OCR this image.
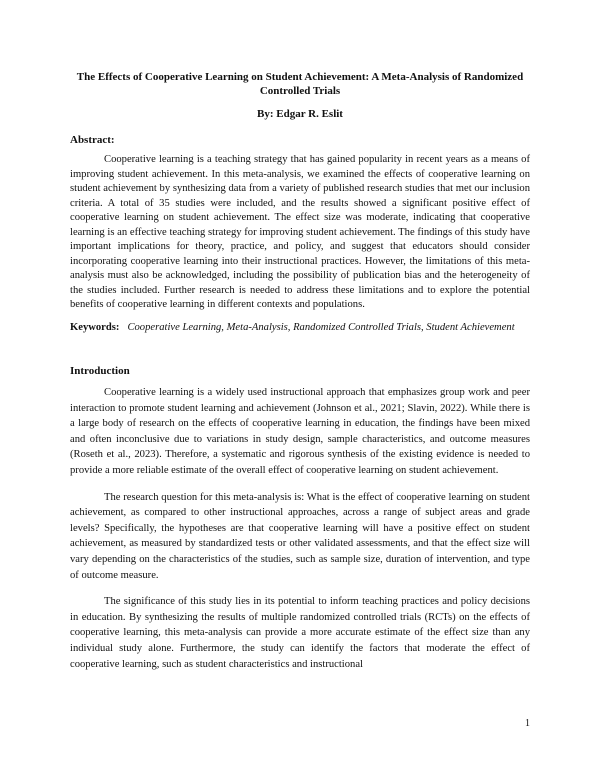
The Effects of Cooperative Learning on Student Achievement: A Meta-Analysis of Randomized Controlled Trials

By: Edgar R. Eslit

Abstract:

Cooperative learning is a teaching strategy that has gained popularity in recent years as a means of improving student achievement. In this meta-analysis, we examined the effects of cooperative learning on student achievement by synthesizing data from a variety of published research studies that met our inclusion criteria. A total of 35 studies were included, and the results showed a significant positive effect of cooperative learning on student achievement. The effect size was moderate, indicating that cooperative learning is an effective teaching strategy for improving student achievement. The findings of this study have important implications for theory, practice, and policy, and suggest that educators should consider incorporating cooperative learning into their instructional practices. However, the limitations of this meta-analysis must also be acknowledged, including the possibility of publication bias and the heterogeneity of the studies included. Further research is needed to address these limitations and to explore the potential benefits of cooperative learning in different contexts and populations.

Keywords: Cooperative Learning, Meta-Analysis, Randomized Controlled Trials, Student Achievement

Introduction

Cooperative learning is a widely used instructional approach that emphasizes group work and peer interaction to promote student learning and achievement (Johnson et al., 2021; Slavin, 2022). While there is a large body of research on the effects of cooperative learning in education, the findings have been mixed and often inconclusive due to variations in study design, sample characteristics, and outcome measures (Roseth et al., 2023). Therefore, a systematic and rigorous synthesis of the existing evidence is needed to provide a more reliable estimate of the overall effect of cooperative learning on student achievement.

The research question for this meta-analysis is: What is the effect of cooperative learning on student achievement, as compared to other instructional approaches, across a range of subject areas and grade levels? Specifically, the hypotheses are that cooperative learning will have a positive effect on student achievement, as measured by standardized tests or other validated assessments, and that the effect size will vary depending on the characteristics of the studies, such as sample size, duration of intervention, and type of outcome measure.

The significance of this study lies in its potential to inform teaching practices and policy decisions in education. By synthesizing the results of multiple randomized controlled trials (RCTs) on the effects of cooperative learning, this meta-analysis can provide a more accurate estimate of the effect size than any individual study alone. Furthermore, the study can identify the factors that moderate the effect of cooperative learning, such as student characteristics and instructional

1
